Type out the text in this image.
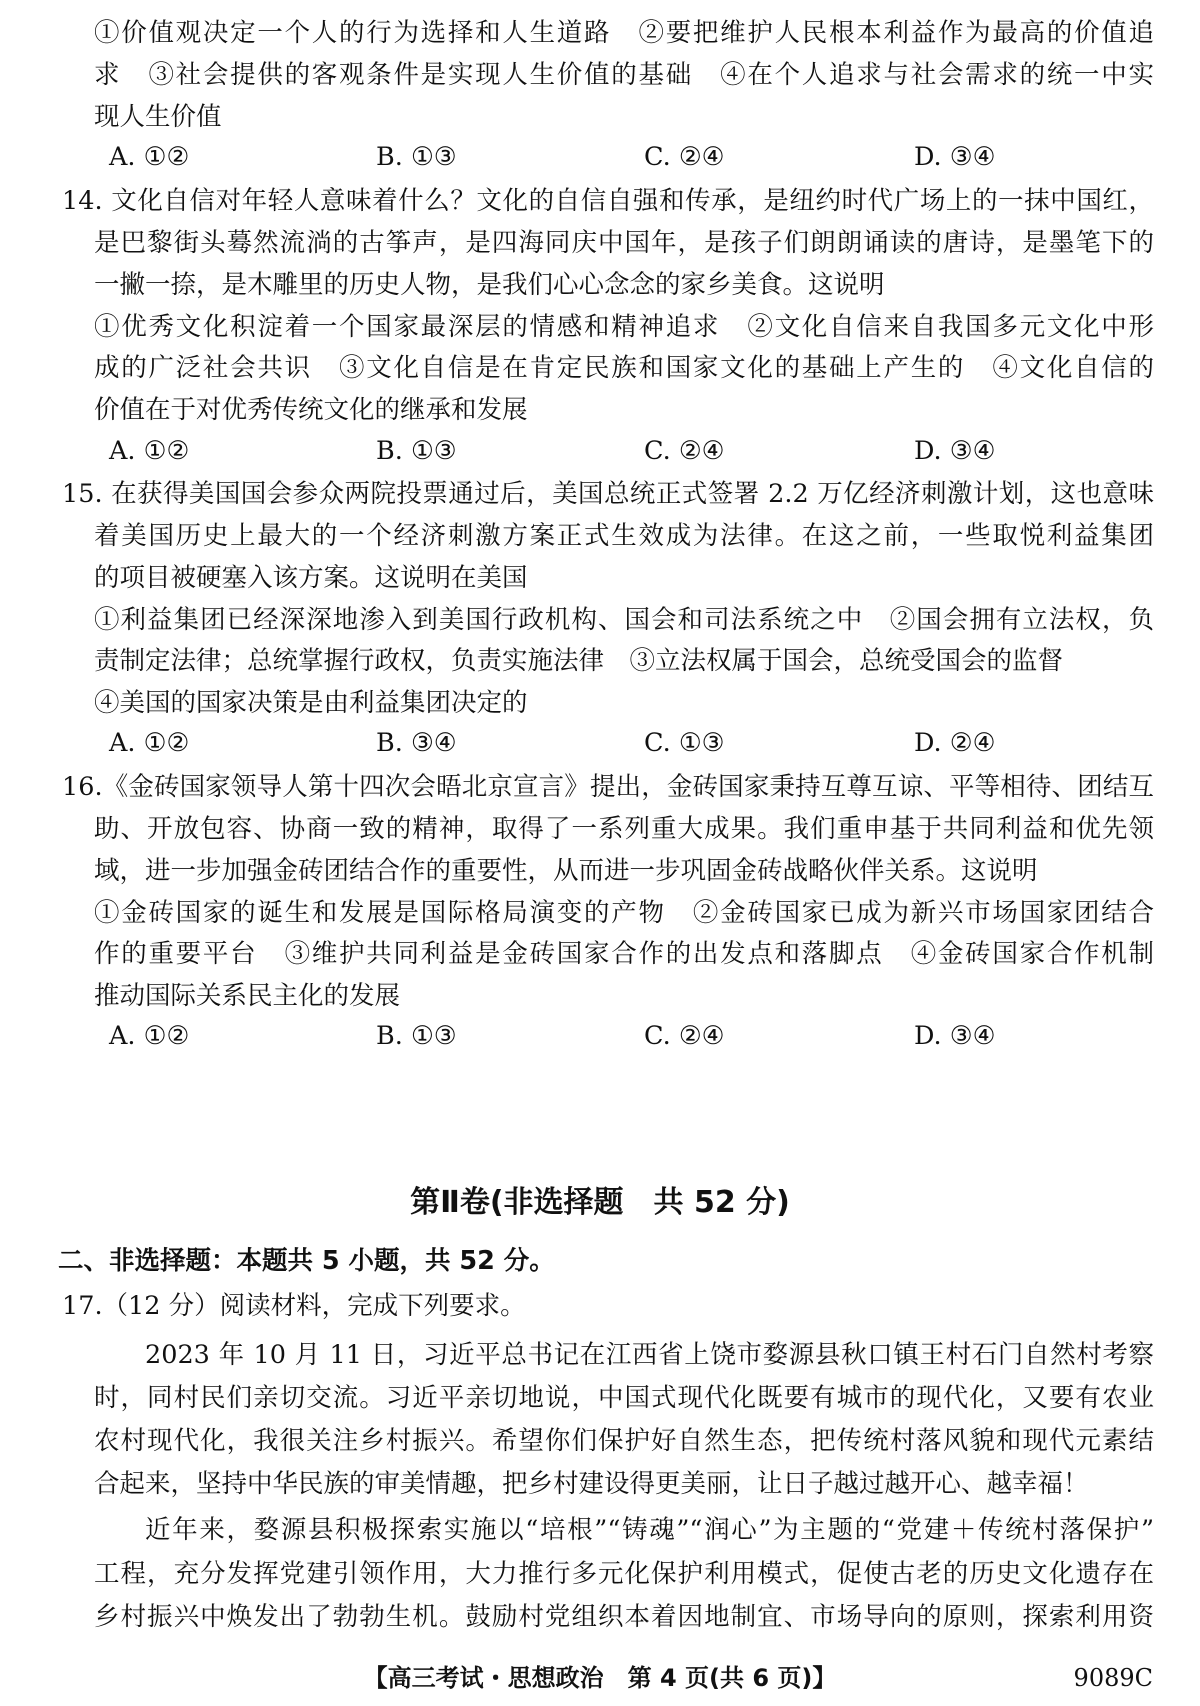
①价值观决定一个人的行为选择和人生道路　②要把维护人民根本利益作为最高的价值追
求　③社会提供的客观条件是实现人生价值的基础　④在个人追求与社会需求的统一中实
现人生价值
A. ①②	B. ①③	C. ②④	D. ③④
14. 文化自信对年轻人意味着什么？文化的自信自强和传承，是纽约时代广场上的一抹中国红，
是巴黎街头蓦然流淌的古筝声，是四海同庆中国年，是孩子们朗朗诵读的唐诗，是墨笔下的
一撇一捺，是木雕里的历史人物，是我们心心念念的家乡美食。这说明
①优秀文化积淀着一个国家最深层的情感和精神追求　②文化自信来自我国多元文化中形
成的广泛社会共识　③文化自信是在肯定民族和国家文化的基础上产生的　④文化自信的
价值在于对优秀传统文化的继承和发展
A. ①②	B. ①③	C. ②④	D. ③④
15. 在获得美国国会参众两院投票通过后，美国总统正式签署 2.2 万亿经济刺激计划，这也意味
着美国历史上最大的一个经济刺激方案正式生效成为法律。在这之前，一些取悦利益集团
的项目被硬塞入该方案。这说明在美国
①利益集团已经深深地渗入到美国行政机构、国会和司法系统之中　②国会拥有立法权，负
责制定法律；总统掌握行政权，负责实施法律　③立法权属于国会，总统受国会的监督
④美国的国家决策是由利益集团决定的
A. ①②	B. ③④	C. ①③	D. ②④
16.《金砖国家领导人第十四次会晤北京宣言》提出，金砖国家秉持互尊互谅、平等相待、团结互
助、开放包容、协商一致的精神，取得了一系列重大成果。我们重申基于共同利益和优先领
域，进一步加强金砖团结合作的重要性，从而进一步巩固金砖战略伙伴关系。这说明
①金砖国家的诞生和发展是国际格局演变的产物　②金砖国家已成为新兴市场国家团结合
作的重要平台　③维护共同利益是金砖国家合作的出发点和落脚点　④金砖国家合作机制
推动国际关系民主化的发展
A. ①②	B. ①③	C. ②④	D. ③④
第Ⅱ卷(非选择题　共 52 分)
二、非选择题：本题共 5 小题，共 52 分。
17.（12 分）阅读材料，完成下列要求。
2023 年 10 月 11 日，习近平总书记在江西省上饶市婺源县秋口镇王村石门自然村考察
时，同村民们亲切交流。习近平亲切地说，中国式现代化既要有城市的现代化，又要有农业
农村现代化，我很关注乡村振兴。希望你们保护好自然生态，把传统村落风貌和现代元素结
合起来，坚持中华民族的审美情趣，把乡村建设得更美丽，让日子越过越开心、越幸福！
近年来，婺源县积极探索实施以“培根”“铸魂”“润心”为主题的“党建＋传统村落保护”
工程，充分发挥党建引领作用，大力推行多元化保护利用模式，促使古老的历史文化遗存在
乡村振兴中焕发出了勃勃生机。鼓励村党组织本着因地制宜、市场导向的原则，探索利用资
【高三考试・思想政治　第 4 页(共 6 页)】	9089C
